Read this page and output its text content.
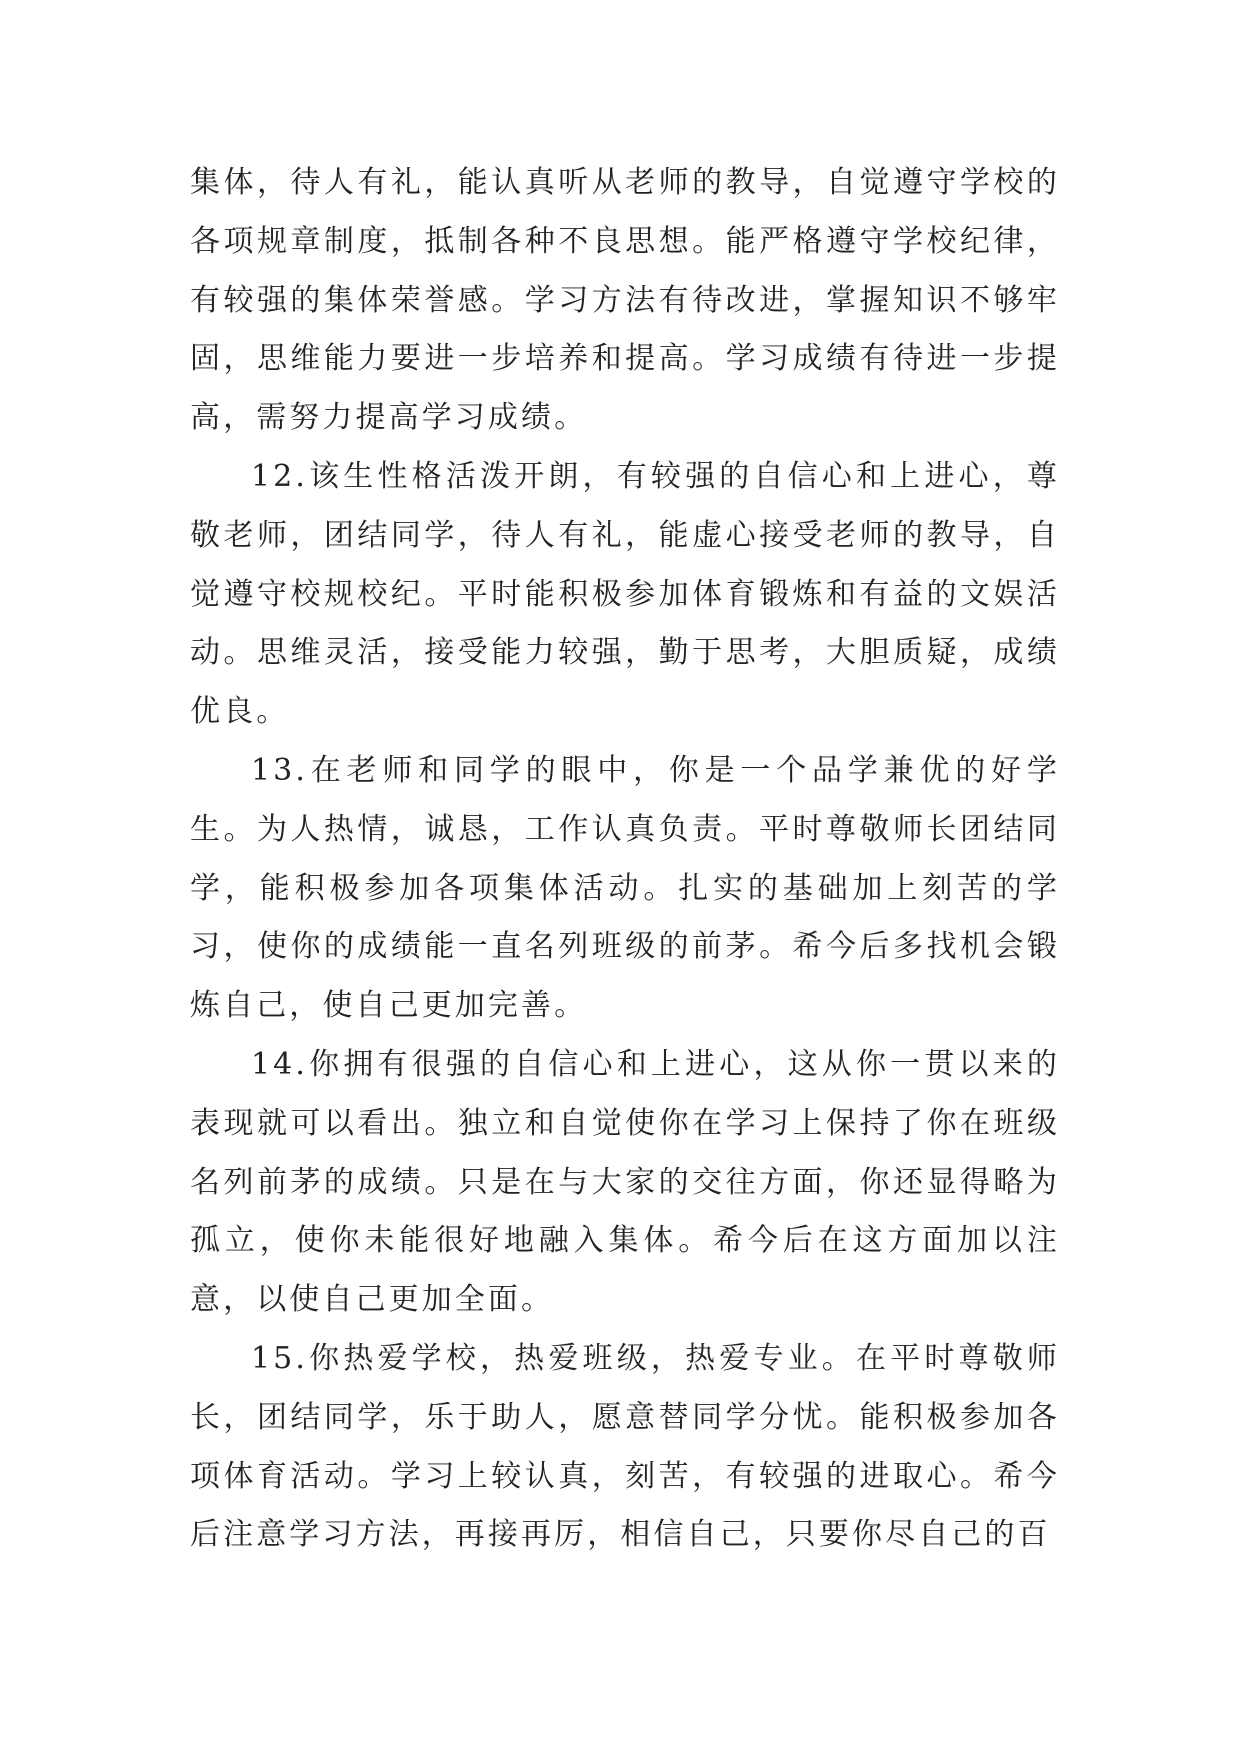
集体，待人有礼，能认真听从老师的教导，自觉遵守学校的各项规章制度，抵制各种不良思想。能严格遵守学校纪律，有较强的集体荣誉感。学习方法有待改进，掌握知识不够牢固，思维能力要进一步培养和提高。学习成绩有待进一步提高，需努力提高学习成绩。

12.该生性格活泼开朗，有较强的自信心和上进心，尊敬老师，团结同学，待人有礼，能虚心接受老师的教导，自觉遵守校规校纪。平时能积极参加体育锻炼和有益的文娱活动。思维灵活，接受能力较强，勤于思考，大胆质疑，成绩优良。

13.在老师和同学的眼中，你是一个品学兼优的好学生。为人热情，诚恳，工作认真负责。平时尊敬师长团结同学，能积极参加各项集体活动。扎实的基础加上刻苦的学习，使你的成绩能一直名列班级的前茅。希今后多找机会锻炼自己，使自己更加完善。

14.你拥有很强的自信心和上进心，这从你一贯以来的表现就可以看出。独立和自觉使你在学习上保持了你在班级名列前茅的成绩。只是在与大家的交往方面，你还显得略为孤立，使你未能很好地融入集体。希今后在这方面加以注意，以使自己更加全面。

15.你热爱学校，热爱班级，热爱专业。在平时尊敬师长，团结同学，乐于助人，愿意替同学分忧。能积极参加各项体育活动。学习上较认真，刻苦，有较强的进取心。希今后注意学习方法，再接再厉，相信自己，只要你尽自己的百
